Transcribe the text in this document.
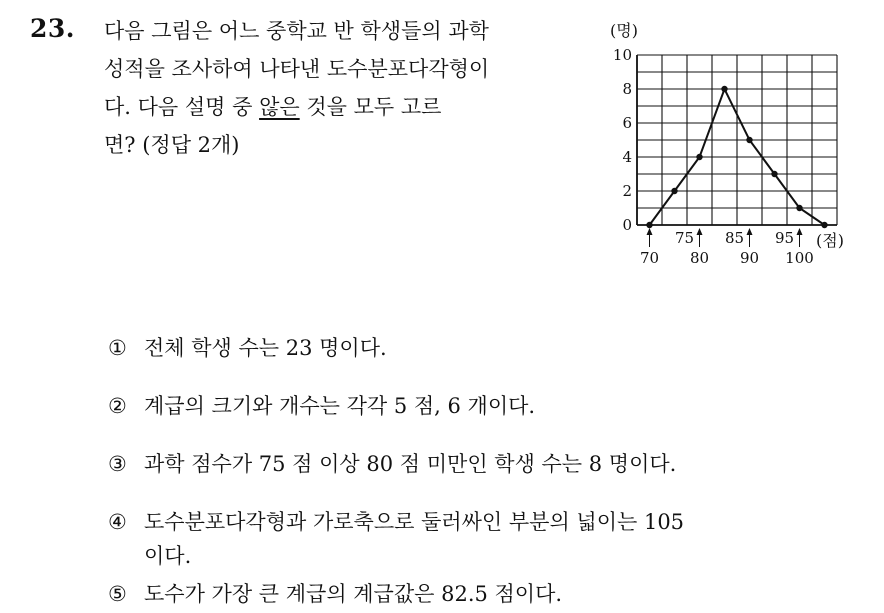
23. 다음 그림은 어느 중학교 반 학생들의 과학
성적을 조사하여 나타낸 도수분포다각형이
다. 다음 설명 중 않은 것을 모두 고르
면? (정답 2개)
0
2
4
6
8
10
75 85 95
70 80 90 100
(명)
(점)
① 전체 학생 수는 23 명이다.
② 계급의 크기와 개수는 각각 5 점, 6 개이다.
③ 과학 점수가 75 점 이상 80 점 미만인 학생 수는 8 명이다.
④ 도수분포다각형과 가로축으로 둘러싸인 부분의 넓이는 105
이다.
⑤ 도수가 가장 큰 계급의 계급값은 82.5 점이다.
